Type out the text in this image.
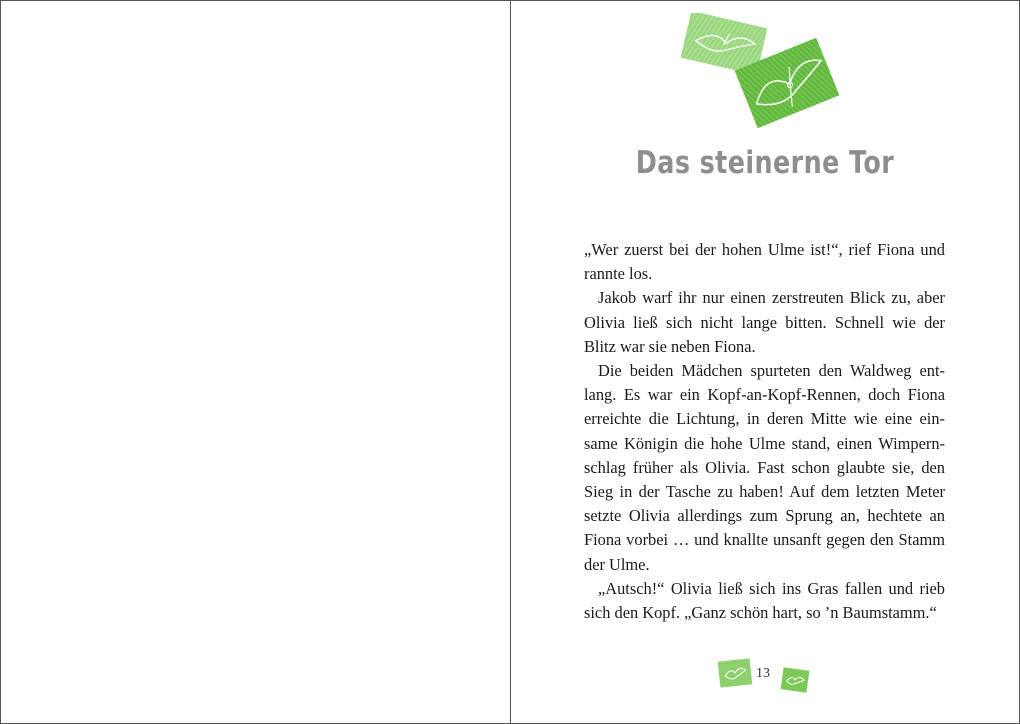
Das steinerne Tor

„Wer zuerst bei der hohen Ulme ist!“, rief Fiona und rannte los.

Jakob warf ihr nur einen zerstreuten Blick zu, aber Olivia ließ sich nicht lange bitten. Schnell wie der Blitz war sie neben Fiona.

Die beiden Mädchen spurteten den Waldweg entlang. Es war ein Kopf-an-Kopf-Rennen, doch Fiona erreichte die Lichtung, in deren Mitte wie eine einsame Königin die hohe Ulme stand, einen Wimpernschlag früher als Olivia. Fast schon glaubte sie, den Sieg in der Tasche zu haben! Auf dem letzten Meter setzte Olivia allerdings zum Sprung an, hechtete an Fiona vorbei … und knallte unsanft gegen den Stamm der Ulme.

„Autsch!“ Olivia ließ sich ins Gras fallen und rieb sich den Kopf. „Ganz schön hart, so ’n Baumstamm.“

13
